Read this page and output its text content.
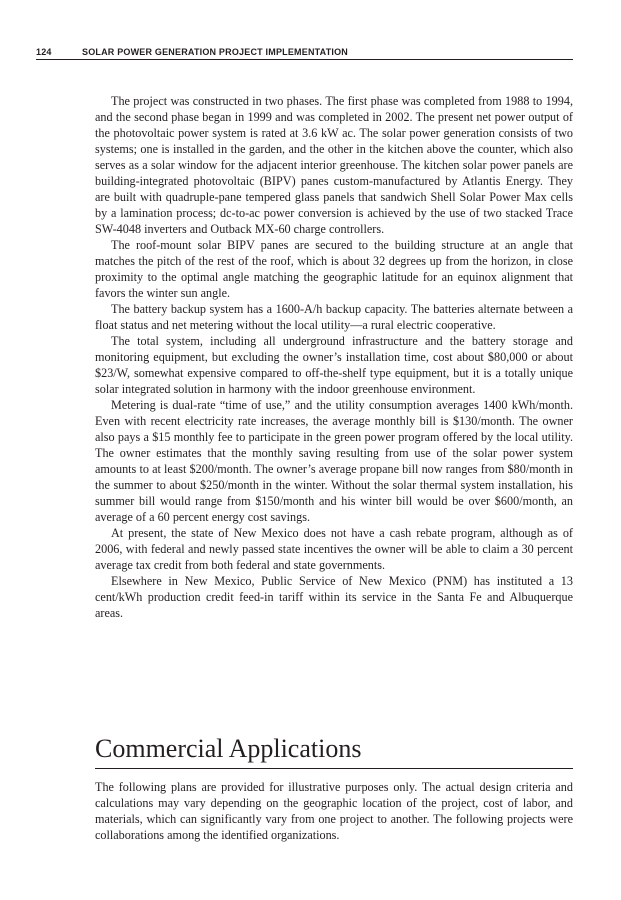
124	SOLAR POWER GENERATION PROJECT IMPLEMENTATION

The project was constructed in two phases. The first phase was completed from 1988 to 1994, and the second phase began in 1999 and was completed in 2002. The present net power output of the photovoltaic power system is rated at 3.6 kW ac. The solar power generation consists of two systems; one is installed in the garden, and the other in the kitchen above the counter, which also serves as a solar window for the adjacent interior greenhouse. The kitchen solar power panels are building-integrated photovoltaic (BIPV) panes custom-manufactured by Atlantis Energy. They are built with quadruple-pane tempered glass panels that sandwich Shell Solar Power Max cells by a lamination process; dc-to-ac power conversion is achieved by the use of two stacked Trace SW-4048 inverters and Outback MX-60 charge controllers.

The roof-mount solar BIPV panes are secured to the building structure at an angle that matches the pitch of the rest of the roof, which is about 32 degrees up from the horizon, in close proximity to the optimal angle matching the geographic latitude for an equinox alignment that favors the winter sun angle.

The battery backup system has a 1600-A/h backup capacity. The batteries alternate between a float status and net metering without the local utility—a rural electric cooperative.

The total system, including all underground infrastructure and the battery storage and monitoring equipment, but excluding the owner’s installation time, cost about $80,000 or about $23/W, somewhat expensive compared to off-the-shelf type equipment, but it is a totally unique solar integrated solution in harmony with the indoor greenhouse environment.

Metering is dual-rate “time of use,” and the utility consumption averages 1400 kWh/month. Even with recent electricity rate increases, the average monthly bill is $130/month. The owner also pays a $15 monthly fee to participate in the green power program offered by the local utility. The owner estimates that the monthly saving resulting from use of the solar power system amounts to at least $200/month. The owner’s average propane bill now ranges from $80/month in the summer to about $250/month in the winter. Without the solar thermal system installation, his summer bill would range from $150/month and his winter bill would be over $600/month, an average of a 60 percent energy cost savings.

At present, the state of New Mexico does not have a cash rebate program, although as of 2006, with federal and newly passed state incentives the owner will be able to claim a 30 percent average tax credit from both federal and state governments.

Elsewhere in New Mexico, Public Service of New Mexico (PNM) has instituted a 13 cent/kWh production credit feed-in tariff within its service in the Santa Fe and Albuquerque areas.

Commercial Applications

The following plans are provided for illustrative purposes only. The actual design criteria and calculations may vary depending on the geographic location of the project, cost of labor, and materials, which can significantly vary from one project to another. The following projects were collaborations among the identified organizations.
